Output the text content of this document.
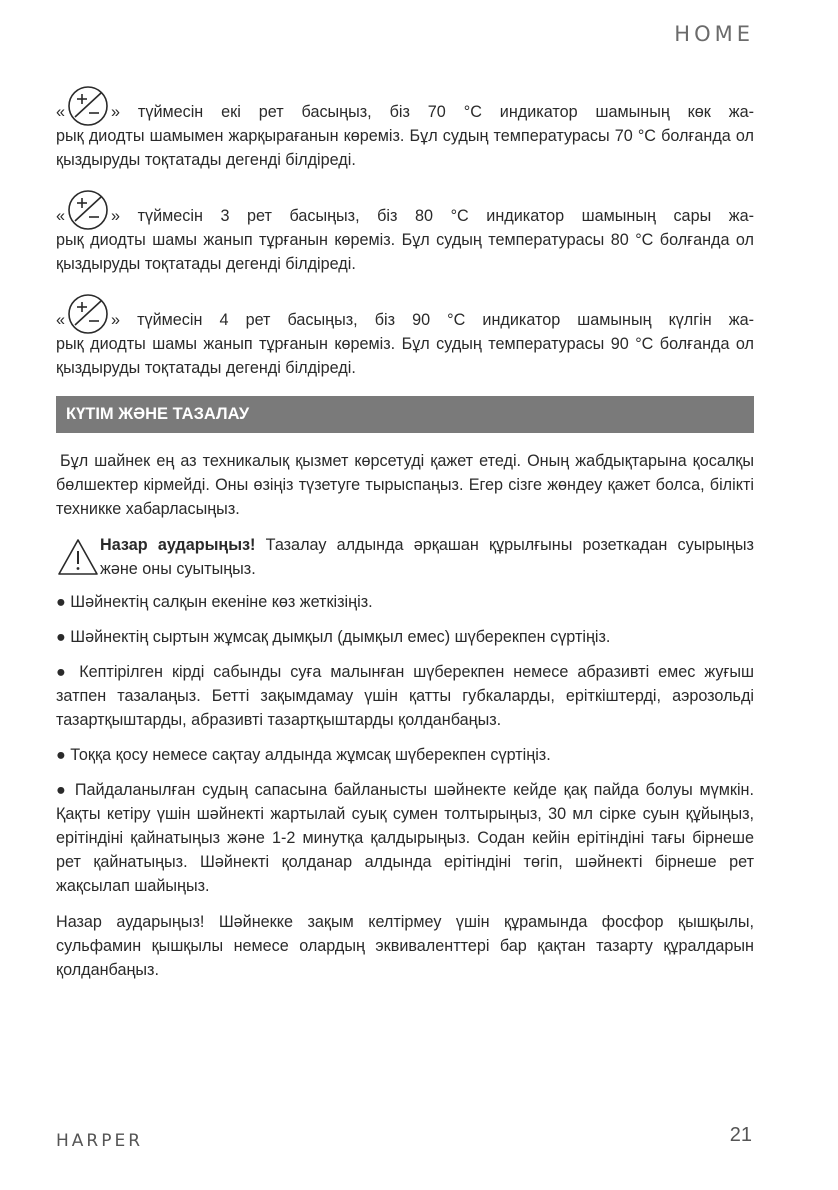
HOME
«	» түймесін екі рет басыңыз, біз 70 °С индикатор шамының көк жа-
рық диодты шамымен жарқырағанын көреміз. Бұл судың температурасы 70 °С болғанда ол қыздыруды тоқтатады дегенді білдіреді.
«	» түймесін 3 рет басыңыз, біз 80 °С индикатор шамының сары жа-
рық диодты шамы жанып тұрғанын көреміз. Бұл судың температурасы 80 °С болғанда ол қыздыруды тоқтатады дегенді білдіреді.
«	» түймесін 4 рет басыңыз, біз 90 °С индикатор шамының күлгін жа-
рық диодты шамы жанып тұрғанын көреміз. Бұл судың температурасы 90 °С болғанда ол қыздыруды тоқтатады дегенді білдіреді.
КҮТІМ ЖӘНЕ ТАЗАЛАУ

Бұл шайнек ең аз техникалық қызмет көрсетуді қажет етеді. Оның жабдықтарына қосалқы бөлшектер кірмейді. Оны өзіңіз түзетуге тырыспаңыз. Егер сізге жөндеу қажет болса, білікті техникке хабарласыңыз.

Назар аударыңыз! Тазалау алдында әрқашан құрылғыны розеткадан суырыңыз және оны суытыңыз.

● Шәйнектің салқын екеніне көз жеткізіңіз.

● Шәйнектің сыртын жұмсақ дымқыл (дымқыл емес) шүберекпен сүртіңіз.

● Кептірілген кірді сабынды суға малынған шүберекпен немесе абразивті емес жуғыш затпен тазалаңыз. Бетті зақымдамау үшін қатты губкаларды, еріткіштерді, аэрозольді тазартқыштарды, абразивті тазартқыштарды қолданбаңыз.

● Тоққа қосу немесе сақтау алдында жұмсақ шүберекпен сүртіңіз.

● Пайдаланылған судың сапасына байланысты шәйнекте кейде қақ пайда болуы мүмкін. Қақты кетіру үшін шәйнекті жартылай суық сумен толтырыңыз, 30 мл сірке суын құйыңыз, ерітіндіні қайнатыңыз және 1-2 минутқа қалдырыңыз. Содан кейін ерітіндіні тағы бірнеше рет қайнатыңыз. Шәйнекті қолданар алдында ерітіндіні төгіп, шәйнекті бірнеше рет жақсылап шайыңыз.

Назар аударыңыз! Шәйнекке зақым келтірмеу үшін құрамында фосфор қышқылы, сульфамин қышқылы немесе олардың эквиваленттері бар қақтан тазарту құралдарын қолданбаңыз.

HARPER	21
